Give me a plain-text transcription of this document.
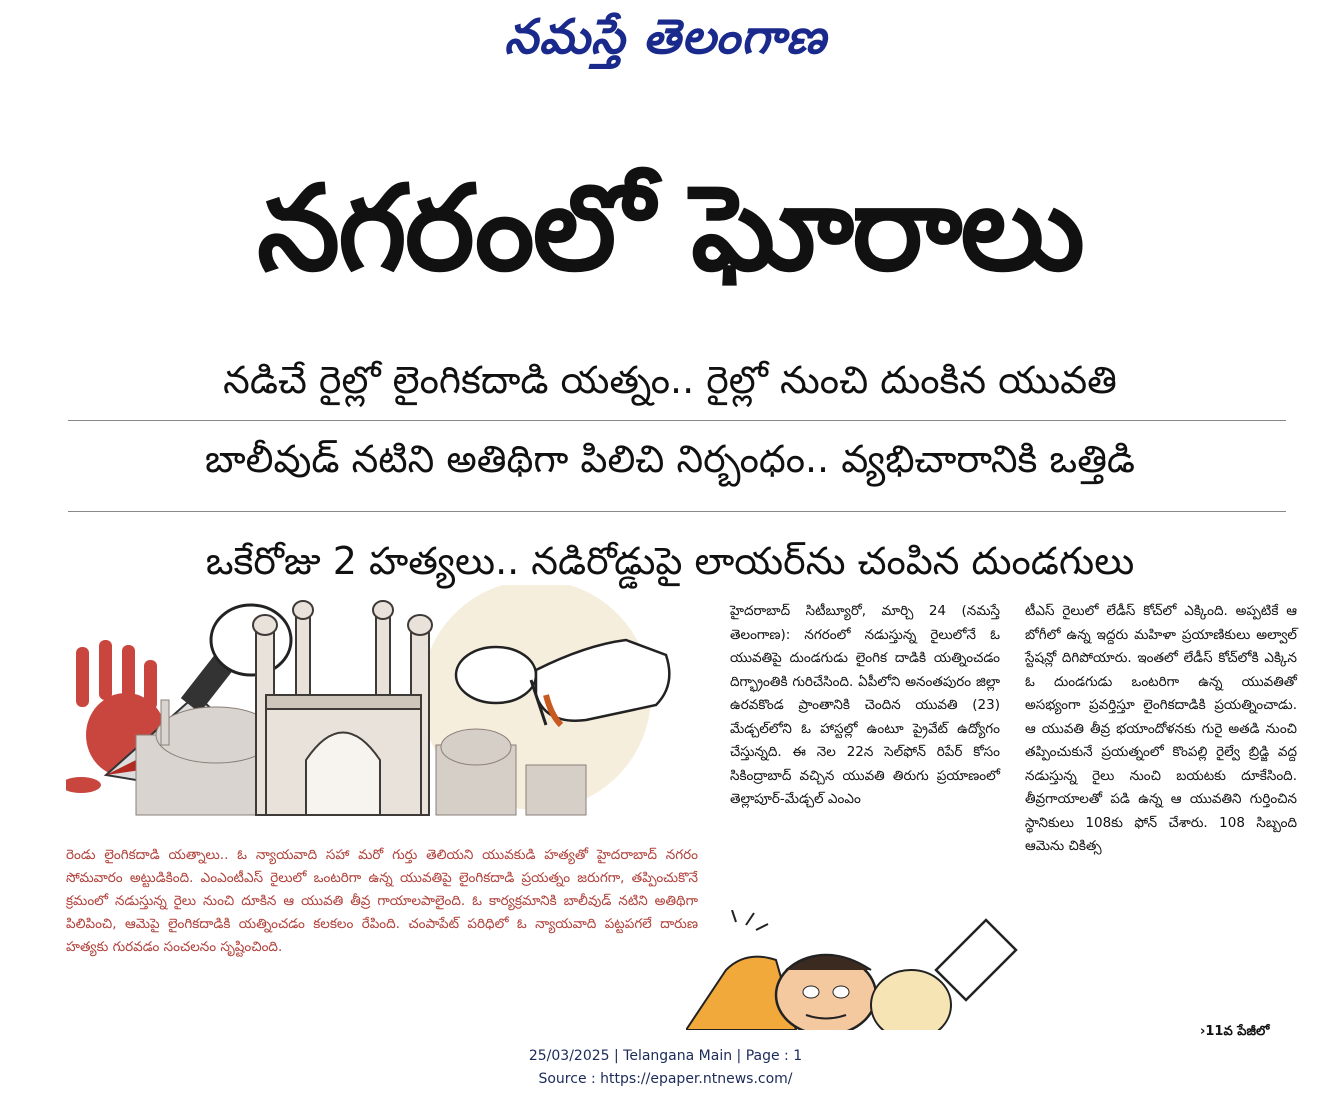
నమస్తే తెలంగాణ
నగరంలో ఘోరాలు
నడిచే రైల్లో లైంగికదాడి యత్నం.. రైల్లో నుంచి దుంకిన యువతి
బాలీవుడ్ నటిని అతిథిగా పిలిచి నిర్బంధం.. వ్యభిచారానికి ఒత్తిడి
ఒకేరోజు 2 హత్యలు.. నడిరోడ్డుపై లాయర్‌ను చంపిన దుండగులు

రెండు లైంగికదాడి యత్నాలు.. ఓ న్యాయవాది సహా మరో గుర్తు తెలియని యువకుడి హత్యతో హైదరాబాద్ నగరం సోమవారం అట్టుడికింది. ఎంఎంటీఎస్ రైలులో ఒంటరిగా ఉన్న యువతిపై లైంగికదాడి ప్రయత్నం జరుగగా, తప్పించుకొనే క్రమంలో నడుస్తున్న రైలు నుంచి దూకిన ఆ యువతి తీవ్ర గాయాలపాలైంది. ఓ కార్యక్రమానికి బాలీవుడ్ నటిని అతిథిగా పిలిపించి, ఆమెపై లైంగికదాడికి యత్నించడం కలకలం రేపింది. చంపాపేట్ పరిధిలో ఓ న్యాయవాది పట్టపగలే దారుణ హత్యకు గురవడం సంచలనం సృష్టించింది.

హైదరాబాద్ సిటీబ్యూరో, మార్చి 24 (నమస్తే తెలంగాణ): నగరంలో నడుస్తున్న రైలులోనే ఓ యువతిపై దుండగుడు లైంగిక దాడికి యత్నించడం దిగ్భ్రాంతికి గురిచేసింది. ఏపీలోని అనంతపురం జిల్లా ఉరవకొండ ప్రాంతానికి చెందిన యువతి (23) మేడ్చల్‌లోని ఓ హాస్టల్లో ఉంటూ ప్రైవేట్ ఉద్యోగం చేస్తున్నది. ఈ నెల 22న సెల్‌ఫోన్ రిపేర్ కోసం సికింద్రాబాద్ వచ్చిన యువతి తిరుగు ప్రయాణంలో తెల్లాపూర్-మేడ్చల్ ఎంఎం

టీఎస్ రైలులో లేడీస్ కోచ్‌లో ఎక్కింది. అప్పటికే ఆ బోగీలో ఉన్న ఇద్దరు మహిళా ప్రయాణికులు అల్వాల్ స్టేషన్లో దిగిపోయారు. ఇంతలో లేడీస్ కోచ్‌లోకి ఎక్కిన ఓ దుండగుడు ఒంటరిగా ఉన్న యువతితో అసభ్యంగా ప్రవర్తిస్తూ లైంగికదాడికి ప్రయత్నించాడు. ఆ యువతి తీవ్ర భయాందోళనకు గురై అతడి నుంచి తప్పించుకునే ప్రయత్నంలో కొంపల్లి రైల్వే బ్రిడ్జి వద్ద నడుస్తున్న రైలు నుంచి బయటకు దూకేసింది. తీవ్రగాయాలతో పడి ఉన్న ఆ యువతిని గుర్తించిన స్థానికులు 108కు ఫోన్ చేశారు. 108 సిబ్బంది ఆమెను చికిత్స

›11వ పేజీలో
25/03/2025 | Telangana Main | Page : 1
Source : https://epaper.ntnews.com/
